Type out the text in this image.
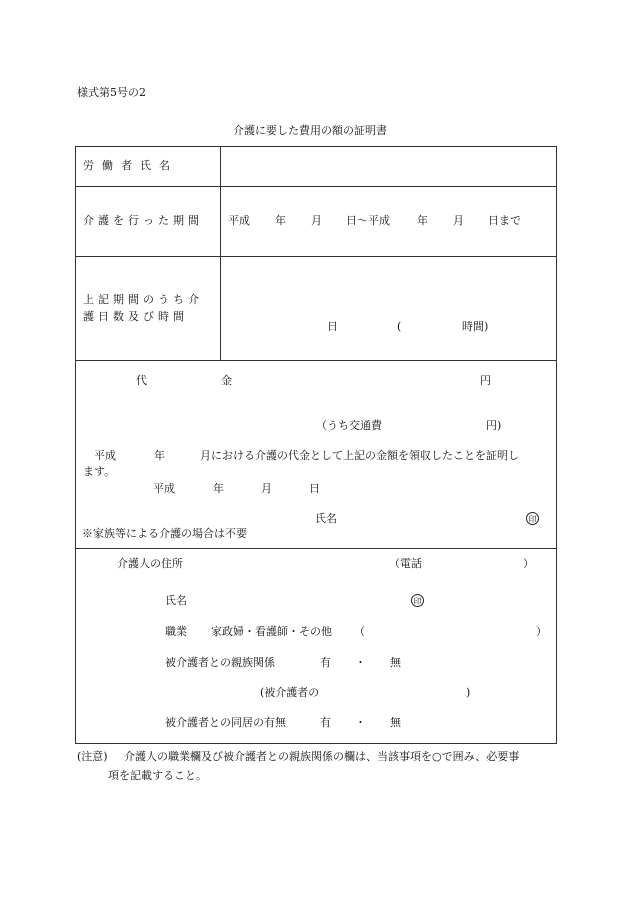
様式第5号の2
介護に要した費用の額の証明書
労働者氏名
介護を行った期間 平成 年 月 日〜平成 年 月 日まで
上記期間のうち介
護日数及び時間
日	(	時間)
代	金	円
（うち交通費	円)
平成	年	月における介護の代金として上記の金額を領収したことを証明し
ます。
平成	年	月	日
氏名	印
※家族等による介護の場合は不要
介護人の住所	（電話	）
氏名	印
職業 家政婦・看護師・その他 （	）
被介護者との親族関係	有 ・ 無
(被介護者の	)
被介護者との同居の有無	有 ・ 無
(注意) 介護人の職業欄及び被介護者との親族関係の欄は、当該事項を○で囲み、必要事
項を記載すること。
